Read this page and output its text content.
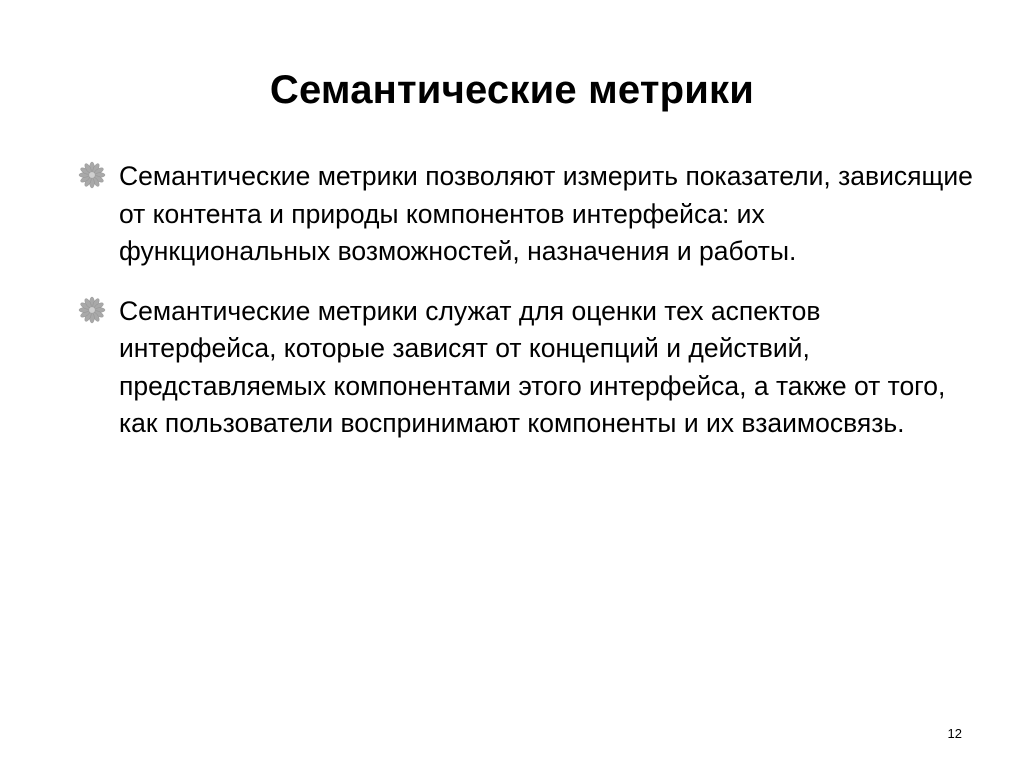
Семантические метрики
Семантические метрики позволяют измерить показатели, зависящие от контента и природы компонентов интерфейса: их функциональных возможностей, назначения и работы.
Семантические метрики служат для оценки тех аспектов интерфейса, которые зависят от концепций и действий, представляемых компонентами этого интерфейса, а также от того, как пользователи воспринимают компоненты и их взаимосвязь.
12
